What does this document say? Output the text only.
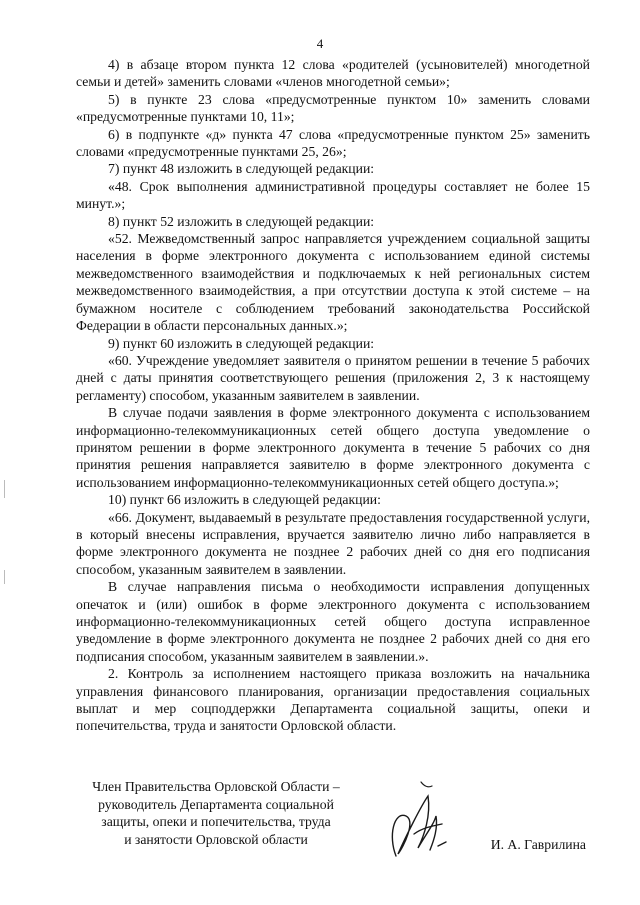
4

4) в абзаце втором пункта 12 слова «родителей (усыновителей) многодетной семьи и детей» заменить словами «членов многодетной семьи»;

5) в пункте 23 слова «предусмотренные пунктом 10» заменить словами «предусмотренные пунктами 10, 11»;

6) в подпункте «д» пункта 47 слова «предусмотренные пунктом 25» заменить словами «предусмотренные пунктами 25, 26»;

7) пункт 48 изложить в следующей редакции:

«48. Срок выполнения административной процедуры составляет не более 15 минут.»;

8) пункт 52 изложить в следующей редакции:

«52. Межведомственный запрос направляется учреждением социальной защиты населения в форме электронного документа с использованием единой системы межведомственного взаимодействия и подключаемых к ней региональных систем межведомственного взаимодействия, а при отсутствии доступа к этой системе – на бумажном носителе с соблюдением требований законодательства Российской Федерации в области персональных данных.»;

9) пункт 60 изложить в следующей редакции:

«60. Учреждение уведомляет заявителя о принятом решении в течение 5 рабочих дней с даты принятия соответствующего решения (приложения 2, 3 к настоящему регламенту) способом, указанным заявителем в заявлении.

В случае подачи заявления в форме электронного документа с использованием информационно-телекоммуникационных сетей общего доступа уведомление о принятом решении в форме электронного документа в течение 5 рабочих со дня принятия решения направляется заявителю в форме электронного документа с использованием информационно-телекоммуникационных сетей общего доступа.»;

10) пункт 66 изложить в следующей редакции:

«66. Документ, выдаваемый в результате предоставления государственной услуги, в который внесены исправления, вручается заявителю лично либо направляется в форме электронного документа не позднее 2 рабочих дней со дня его подписания способом, указанным заявителем в заявлении.

В случае направления письма о необходимости исправления допущенных опечаток и (или) ошибок в форме электронного документа с использованием информационно-телекоммуникационных сетей общего доступа исправленное уведомление в форме электронного документа не позднее 2 рабочих дней со дня его подписания способом, указанным заявителем в заявлении.».

2. Контроль за исполнением настоящего приказа возложить на начальника управления финансового планирования, организации предоставления социальных выплат и мер соцподдержки Департамента социальной защиты, опеки и попечительства, труда и занятости Орловской области.

Член Правительства Орловской Области –
руководитель Департамента социальной
защиты, опеки и попечительства, труда
и занятости Орловской области	И. А. Гаврилина
